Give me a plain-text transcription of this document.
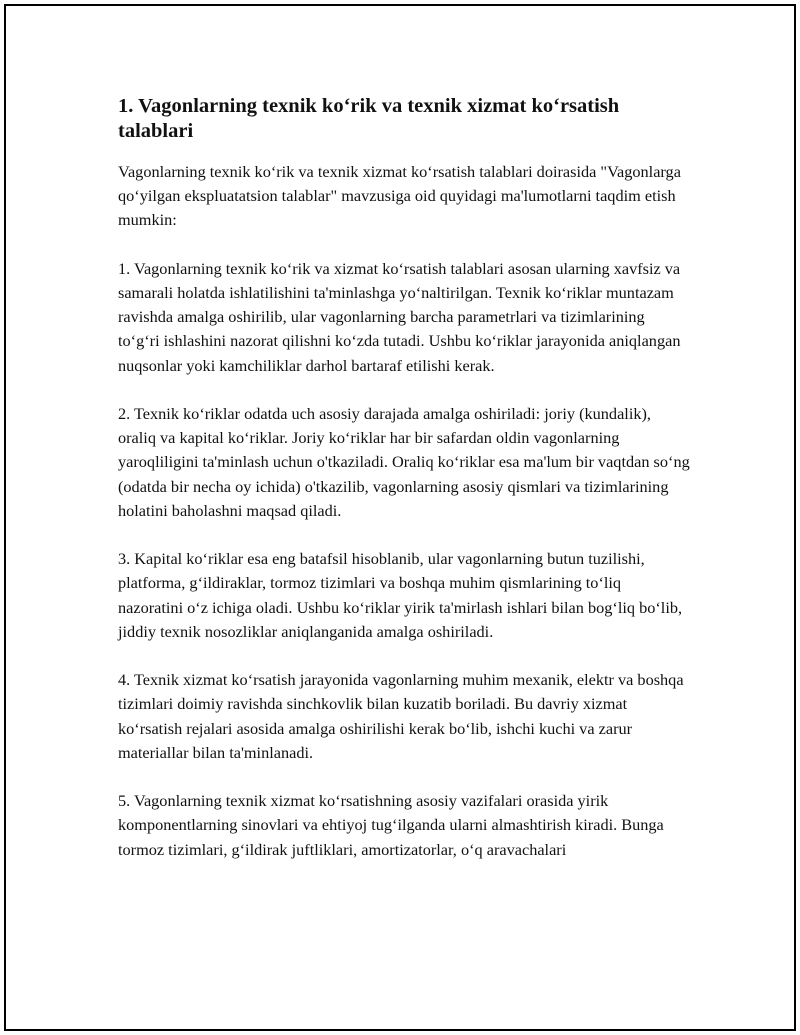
1. Vagonlarning texnik ko‘rik va texnik xizmat ko‘rsatish talablari

Vagonlarning texnik ko‘rik va texnik xizmat ko‘rsatish talablari doirasida "Vagonlarga qo‘yilgan ekspluatatsion talablar" mavzusiga oid quyidagi ma'lumotlarni taqdim etish mumkin:

1. Vagonlarning texnik ko‘rik va xizmat ko‘rsatish talablari asosan ularning xavfsiz va samarali holatda ishlatilishini ta'minlashga yo‘naltirilgan. Texnik ko‘riklar muntazam ravishda amalga oshirilib, ular vagonlarning barcha parametrlari va tizimlarining to‘g‘ri ishlashini nazorat qilishni ko‘zda tutadi. Ushbu ko‘riklar jarayonida aniqlangan nuqsonlar yoki kamchiliklar darhol bartaraf etilishi kerak.

2. Texnik ko‘riklar odatda uch asosiy darajada amalga oshiriladi: joriy (kundalik), oraliq va kapital ko‘riklar. Joriy ko‘riklar har bir safardan oldin vagonlarning yaroqliligini ta'minlash uchun o'tkaziladi. Oraliq ko‘riklar esa ma'lum bir vaqtdan so‘ng (odatda bir necha oy ichida) o'tkazilib, vagonlarning asosiy qismlari va tizimlarining holatini baholashni maqsad qiladi.

3. Kapital ko‘riklar esa eng batafsil hisoblanib, ular vagonlarning butun tuzilishi, platforma, g‘ildiraklar, tormoz tizimlari va boshqa muhim qismlarining to‘liq nazoratini o‘z ichiga oladi. Ushbu ko‘riklar yirik ta'mirlash ishlari bilan bog‘liq bo‘lib, jiddiy texnik nosozliklar aniqlanganida amalga oshiriladi.

4. Texnik xizmat ko‘rsatish jarayonida vagonlarning muhim mexanik, elektr va boshqa tizimlari doimiy ravishda sinchkovlik bilan kuzatib boriladi. Bu davriy xizmat ko‘rsatish rejalari asosida amalga oshirilishi kerak bo‘lib, ishchi kuchi va zarur materiallar bilan ta'minlanadi.

5. Vagonlarning texnik xizmat ko‘rsatishning asosiy vazifalari orasida yirik komponentlarning sinovlari va ehtiyoj tug‘ilganda ularni almashtirish kiradi. Bunga tormoz tizimlari, g‘ildirak juftliklari, amortizatorlar, o‘q aravachalari
